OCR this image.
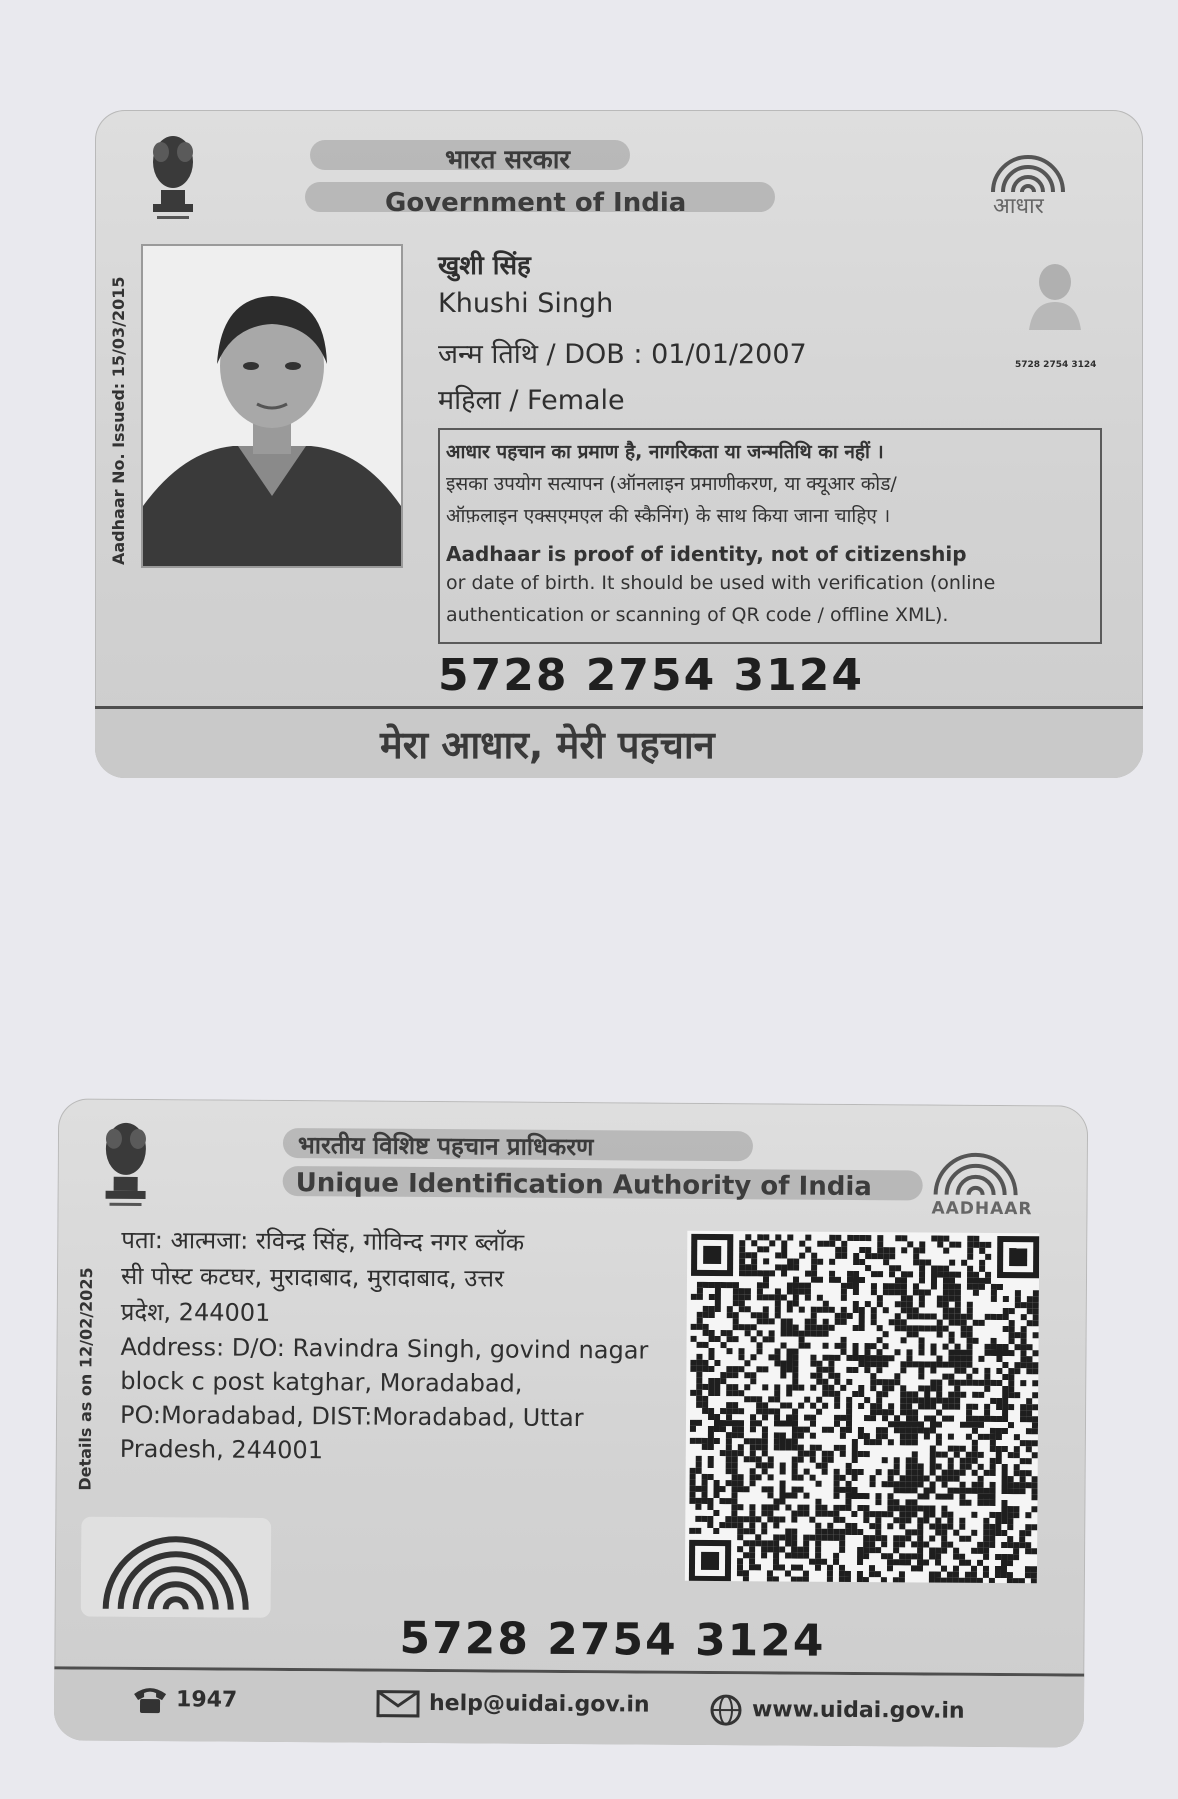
भारत सरकार
Government of India	आधार
Aadhaar No. Issued: 15/03/2015
खुशी सिंह
Khushi Singh
जन्म तिथि / DOB : 01/01/2007
महिला / Female
5728 2754 3124
आधार पहचान का प्रमाण है, नागरिकता या जन्मतिथि का नहीं ।
इसका उपयोग सत्यापन (ऑनलाइन प्रमाणीकरण, या क्यूआर कोड/
ऑफ़लाइन एक्सएमएल की स्कैनिंग) के साथ किया जाना चाहिए ।
Aadhaar is proof of identity, not of citizenship
or date of birth. It should be used with verification (online
authentication or scanning of QR code / offline XML).
5728 2754 3124
मेरा आधार, मेरी पहचान
भारतीय विशिष्ट पहचान प्राधिकरण
Unique Identification Authority of India
AADHAAR
Details as on 12/02/2025
पता: आत्मजा: रविन्द्र सिंह, गोविन्द नगर ब्लॉक
सी पोस्ट कटघर, मुरादाबाद, मुरादाबाद, उत्तर
प्रदेश, 244001
Address: D/O: Ravindra Singh, govind nagar
block c post katghar, Moradabad,
PO:Moradabad, DIST:Moradabad, Uttar
Pradesh, 244001
5728 2754 3124
1947	help@uidai.gov.in	www.uidai.gov.in
